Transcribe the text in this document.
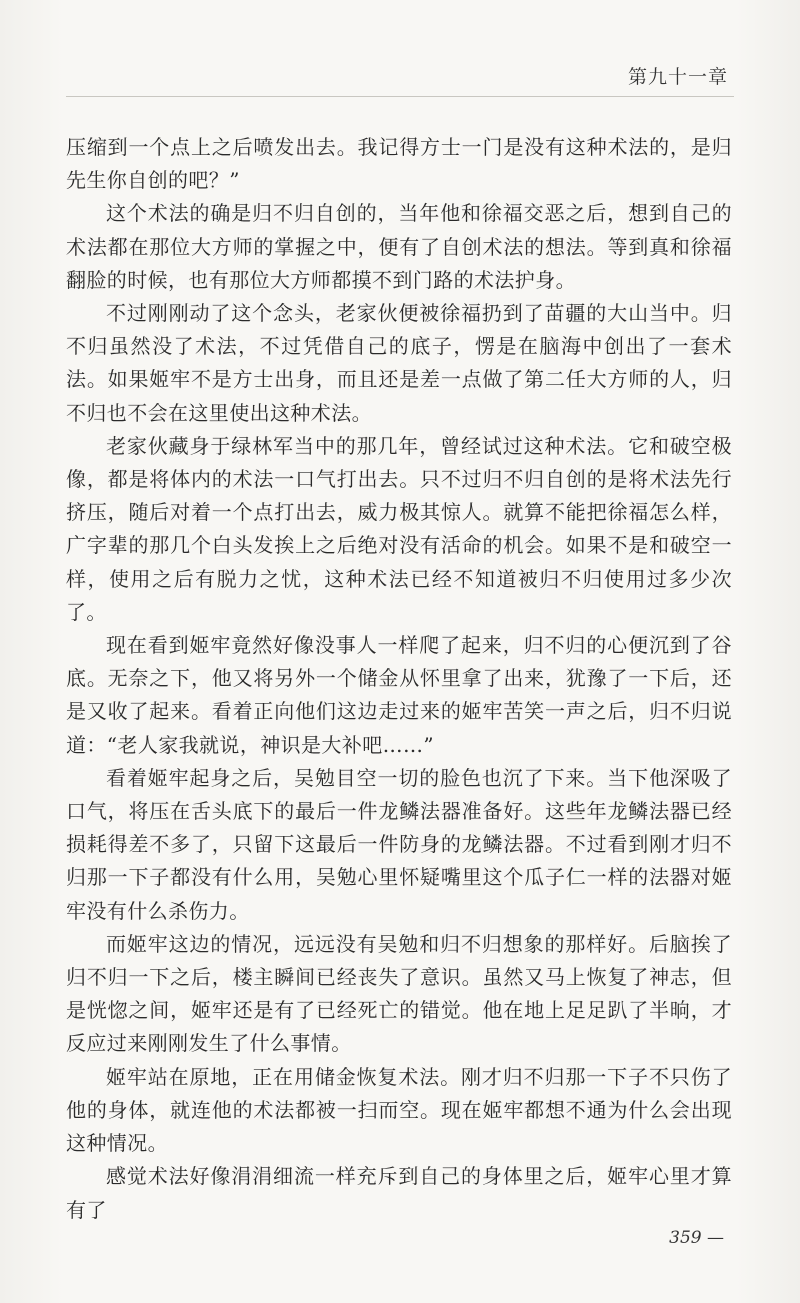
第九十一章

压缩到一个点上之后喷发出去。我记得方士一门是没有这种术法的，是归先生你自创的吧？”

这个术法的确是归不归自创的，当年他和徐福交恶之后，想到自己的术法都在那位大方师的掌握之中，便有了自创术法的想法。等到真和徐福翻脸的时候，也有那位大方师都摸不到门路的术法护身。

不过刚刚动了这个念头，老家伙便被徐福扔到了苗疆的大山当中。归不归虽然没了术法，不过凭借自己的底子，愣是在脑海中创出了一套术法。如果姬牢不是方士出身，而且还是差一点做了第二任大方师的人，归不归也不会在这里使出这种术法。

老家伙藏身于绿林军当中的那几年，曾经试过这种术法。它和破空极像，都是将体内的术法一口气打出去。只不过归不归自创的是将术法先行挤压，随后对着一个点打出去，威力极其惊人。就算不能把徐福怎么样，广字辈的那几个白头发挨上之后绝对没有活命的机会。如果不是和破空一样，使用之后有脱力之忧，这种术法已经不知道被归不归使用过多少次了。

现在看到姬牢竟然好像没事人一样爬了起来，归不归的心便沉到了谷底。无奈之下，他又将另外一个储金从怀里拿了出来，犹豫了一下后，还是又收了起来。看着正向他们这边走过来的姬牢苦笑一声之后，归不归说道：“老人家我就说，神识是大补吧……”

看着姬牢起身之后，吴勉目空一切的脸色也沉了下来。当下他深吸了口气，将压在舌头底下的最后一件龙鳞法器准备好。这些年龙鳞法器已经损耗得差不多了，只留下这最后一件防身的龙鳞法器。不过看到刚才归不归那一下子都没有什么用，吴勉心里怀疑嘴里这个瓜子仁一样的法器对姬牢没有什么杀伤力。

而姬牢这边的情况，远远没有吴勉和归不归想象的那样好。后脑挨了归不归一下之后，楼主瞬间已经丧失了意识。虽然又马上恢复了神志，但是恍惚之间，姬牢还是有了已经死亡的错觉。他在地上足足趴了半晌，才反应过来刚刚发生了什么事情。

姬牢站在原地，正在用储金恢复术法。刚才归不归那一下子不只伤了他的身体，就连他的术法都被一扫而空。现在姬牢都想不通为什么会出现这种情况。

感觉术法好像涓涓细流一样充斥到自己的身体里之后，姬牢心里才算有了

359 —
